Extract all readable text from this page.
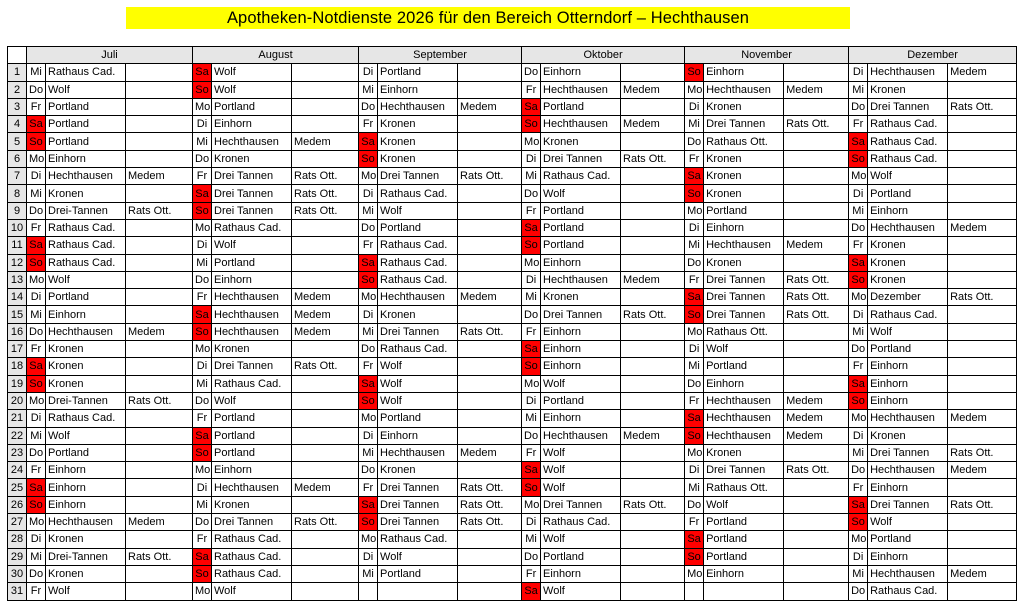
Apotheken-Notdienste 2026 für den Bereich Otterndorf – Hechthausen
	Juli			August			September			Oktober			November			Dezember		
1	Mi	Rathaus Cad.		Sa	Wolf		Di	Portland		Do	Einhorn		So	Einhorn		Di	Hechthausen	Medem
2	Do	Wolf		So	Wolf		Mi	Einhorn		Fr	Hechthausen	Medem	Mo	Hechthausen	Medem	Mi	Kronen	
3	Fr	Portland		Mo	Portland		Do	Hechthausen	Medem	Sa	Portland		Di	Kronen		Do	Drei Tannen	Rats Ott.
4	Sa	Portland		Di	Einhorn		Fr	Kronen		So	Hechthausen	Medem	Mi	Drei Tannen	Rats Ott.	Fr	Rathaus Cad.	
5	So	Portland		Mi	Hechthausen	Medem	Sa	Kronen		Mo	Kronen		Do	Rathaus Ott.		Sa	Rathaus Cad.	
6	Mo	Einhorn		Do	Kronen		So	Kronen		Di	Drei Tannen	Rats Ott.	Fr	Kronen		So	Rathaus Cad.	
7	Di	Hechthausen	Medem	Fr	Drei Tannen	Rats Ott.	Mo	Drei Tannen	Rats Ott.	Mi	Rathaus Cad.		Sa	Kronen		Mo	Wolf	
8	Mi	Kronen		Sa	Drei Tannen	Rats Ott.	Di	Rathaus Cad.		Do	Wolf		So	Kronen		Di	Portland	
9	Do	Drei-Tannen	Rats Ott.	So	Drei Tannen	Rats Ott.	Mi	Wolf		Fr	Portland		Mo	Portland		Mi	Einhorn	
10	Fr	Rathaus Cad.		Mo	Rathaus Cad.		Do	Portland		Sa	Portland		Di	Einhorn		Do	Hechthausen	Medem
11	Sa	Rathaus Cad.		Di	Wolf		Fr	Rathaus Cad.		So	Portland		Mi	Hechthausen	Medem	Fr	Kronen	
12	So	Rathaus Cad.		Mi	Portland		Sa	Rathaus Cad.		Mo	Einhorn		Do	Kronen		Sa	Kronen	
13	Mo	Wolf		Do	Einhorn		So	Rathaus Cad.		Di	Hechthausen	Medem	Fr	Drei Tannen	Rats Ott.	So	Kronen	
14	Di	Portland		Fr	Hechthausen	Medem	Mo	Hechthausen	Medem	Mi	Kronen		Sa	Drei Tannen	Rats Ott.	Mo	Dezember	Rats Ott.
15	Mi	Einhorn		Sa	Hechthausen	Medem	Di	Kronen		Do	Drei Tannen	Rats Ott.	So	Drei Tannen	Rats Ott.	Di	Rathaus Cad.	
16	Do	Hechthausen	Medem	So	Hechthausen	Medem	Mi	Drei Tannen	Rats Ott.	Fr	Einhorn		Mo	Rathaus Ott.		Mi	Wolf	
17	Fr	Kronen		Mo	Kronen		Do	Rathaus Cad.		Sa	Einhorn		Di	Wolf		Do	Portland	
18	Sa	Kronen		Di	Drei Tannen	Rats Ott.	Fr	Wolf		So	Einhorn		Mi	Portland		Fr	Einhorn	
19	So	Kronen		Mi	Rathaus Cad.		Sa	Wolf		Mo	Wolf		Do	Einhorn		Sa	Einhorn	
20	Mo	Drei-Tannen	Rats Ott.	Do	Wolf		So	Wolf		Di	Portland		Fr	Hechthausen	Medem	So	Einhorn	
21	Di	Rathaus Cad.		Fr	Portland		Mo	Portland		Mi	Einhorn		Sa	Hechthausen	Medem	Mo	Hechthausen	Medem
22	Mi	Wolf		Sa	Portland		Di	Einhorn		Do	Hechthausen	Medem	So	Hechthausen	Medem	Di	Kronen	
23	Do	Portland		So	Portland		Mi	Hechthausen	Medem	Fr	Wolf		Mo	Kronen		Mi	Drei Tannen	Rats Ott.
24	Fr	Einhorn		Mo	Einhorn		Do	Kronen		Sa	Wolf		Di	Drei Tannen	Rats Ott.	Do	Hechthausen	Medem
25	Sa	Einhorn		Di	Hechthausen	Medem	Fr	Drei Tannen	Rats Ott.	So	Wolf		Mi	Rathaus Ott.		Fr	Einhorn	
26	So	Einhorn		Mi	Kronen		Sa	Drei Tannen	Rats Ott.	Mo	Drei Tannen	Rats Ott.	Do	Wolf		Sa	Drei Tannen	Rats Ott.
27	Mo	Hechthausen	Medem	Do	Drei Tannen	Rats Ott.	So	Drei Tannen	Rats Ott.	Di	Rathaus Cad.		Fr	Portland		So	Wolf	
28	Di	Kronen		Fr	Rathaus Cad.		Mo	Rathaus Cad.		Mi	Wolf		Sa	Portland		Mo	Portland	
29	Mi	Drei-Tannen	Rats Ott.	Sa	Rathaus Cad.		Di	Wolf		Do	Portland		So	Portland		Di	Einhorn	
30	Do	Kronen		So	Rathaus Cad.		Mi	Portland		Fr	Einhorn		Mo	Einhorn		Mi	Hechthausen	Medem
31	Fr	Wolf		Mo	Wolf					Sa	Wolf					Do	Rathaus Cad.	
